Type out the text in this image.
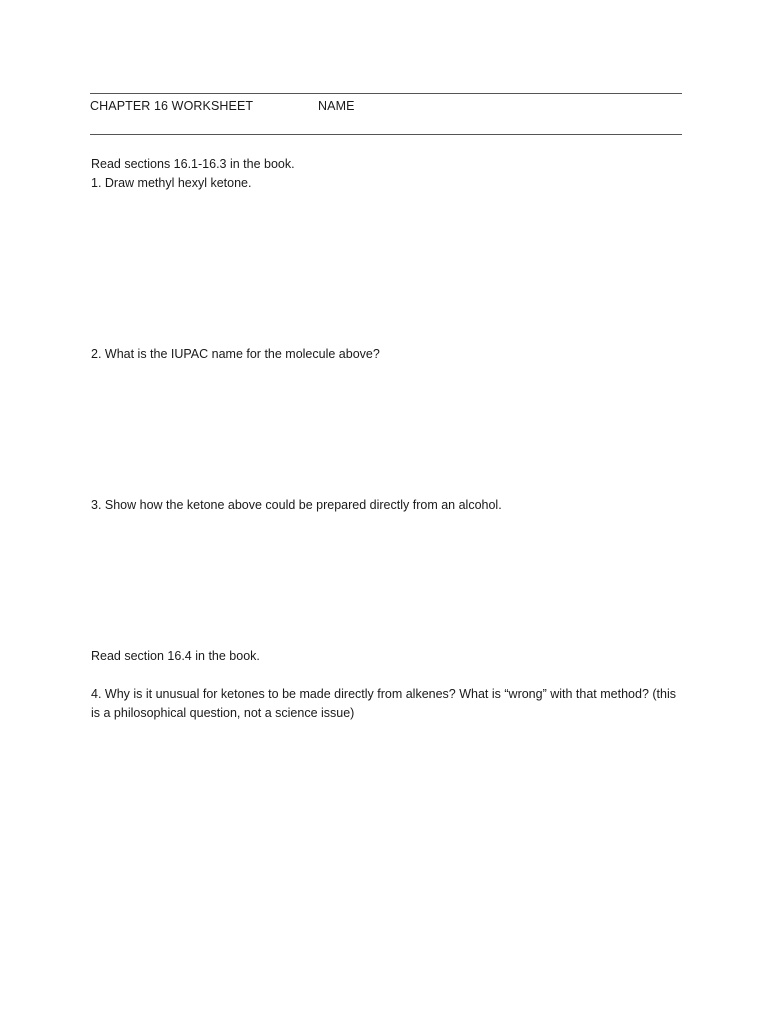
CHAPTER 16 WORKSHEET	NAME
Read sections 16.1-16.3 in the book.
1. Draw methyl hexyl ketone.
2. What is the IUPAC name for the molecule above?
3. Show how the ketone above could be prepared directly from an alcohol.
Read section 16.4 in the book.
4. Why is it unusual for ketones to be made directly from alkenes? What is “wrong” with that method? (this is a philosophical question, not a science issue)
